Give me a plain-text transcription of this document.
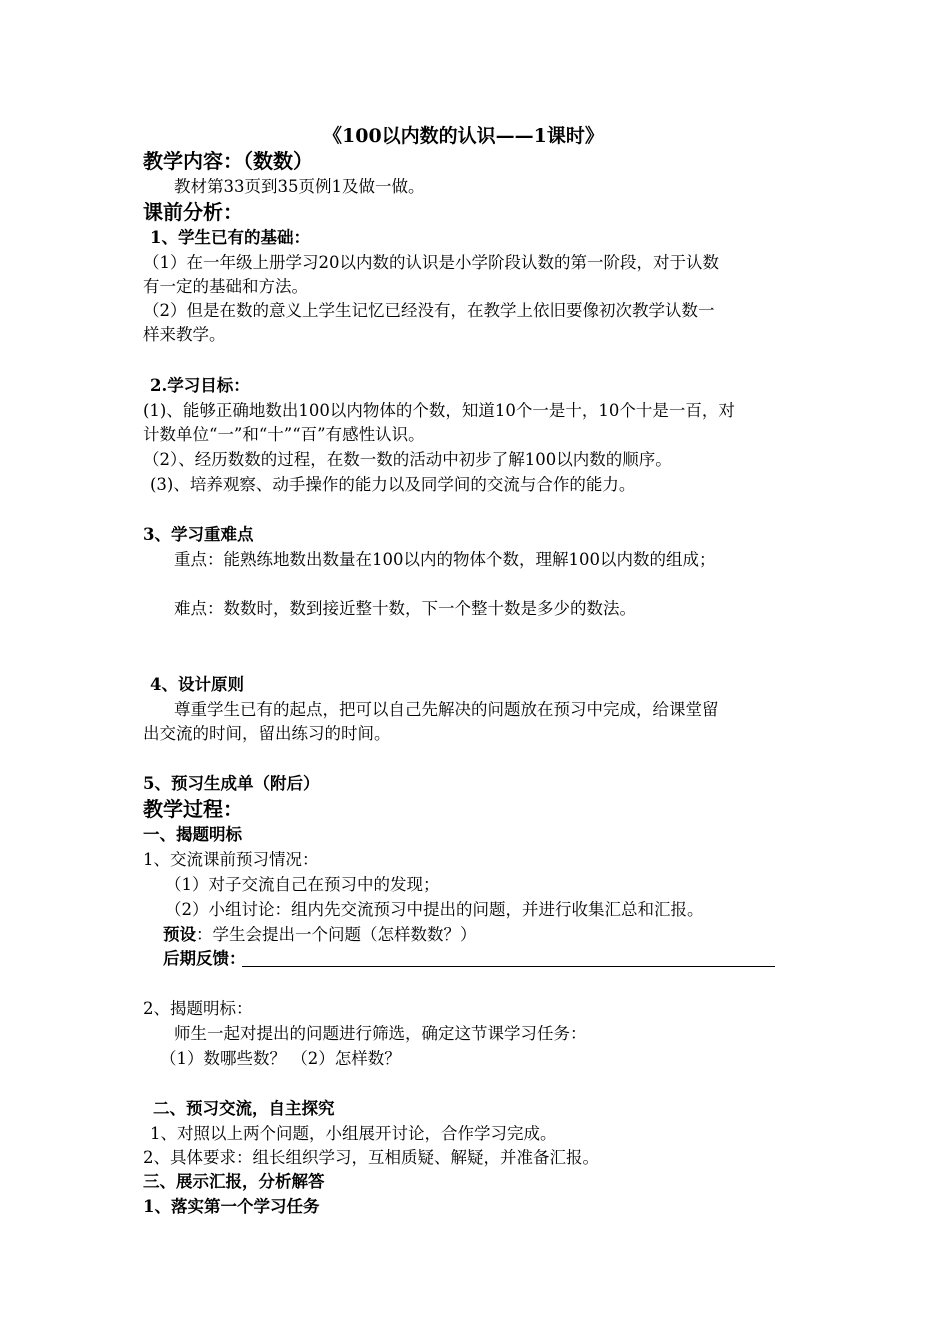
《100以内数的认识——1课时》
教学内容：（数数）
教材第33页到35页例1及做一做。
课前分析：
1、学生已有的基础：
（1）在一年级上册学习20以内数的认识是小学阶段认数的第一阶段，对于认数
有一定的基础和方法。
（2）但是在数的意义上学生记忆已经没有，在教学上依旧要像初次教学认数一
样来教学。
2.学习目标：
(1)、能够正确地数出100以内物体的个数，知道10个一是十，10个十是一百，对
计数单位“一”和“十”“百”有感性认识。
（2）、经历数数的过程，在数一数的活动中初步了解100以内数的顺序。
(3)、培养观察、动手操作的能力以及同学间的交流与合作的能力。
3、学习重难点
重点：能熟练地数出数量在100以内的物体个数，理解100以内数的组成；
难点：数数时，数到接近整十数，下一个整十数是多少的数法。
4、设计原则
尊重学生已有的起点，把可以自己先解决的问题放在预习中完成，给课堂留
出交流的时间，留出练习的时间。
5、预习生成单（附后）
教学过程：
一、揭题明标
1、交流课前预习情况：
（1）对子交流自己在预习中的发现；
（2）小组讨论：组内先交流预习中提出的问题，并进行收集汇总和汇报。
预设：学生会提出一个问题（怎样数数？）
后期反馈：
2、揭题明标：
师生一起对提出的问题进行筛选，确定这节课学习任务：
（1）数哪些数？ （2）怎样数？
二、预习交流，自主探究
1、对照以上两个问题，小组展开讨论，合作学习完成。
2、具体要求：组长组织学习，互相质疑、解疑，并准备汇报。
三、展示汇报，分析解答
1、落实第一个学习任务
